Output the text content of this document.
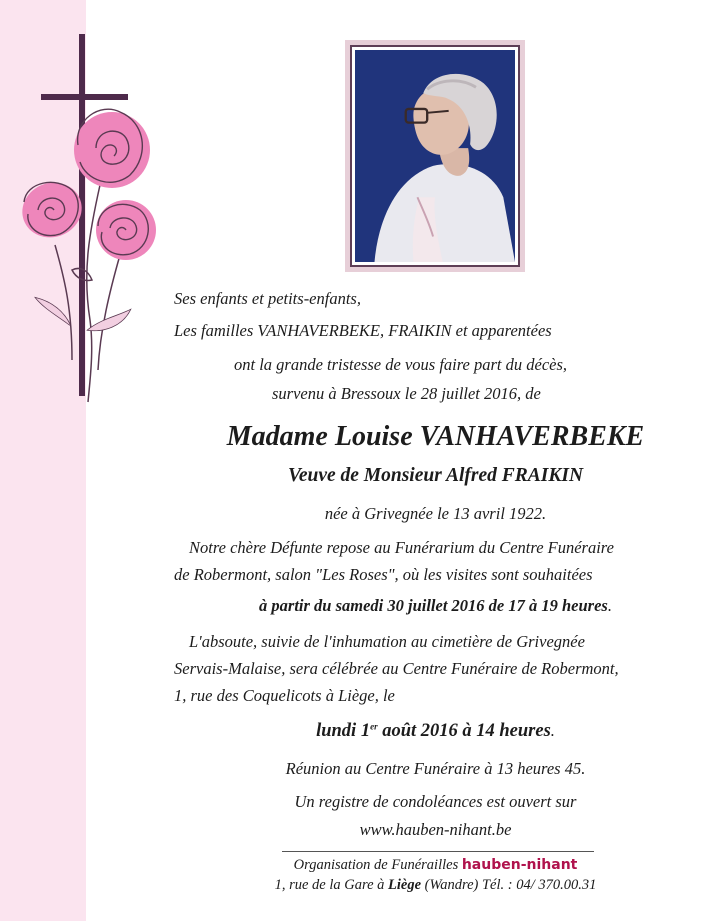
Ses enfants et petits-enfants,
Les familles VANHAVERBEKE, FRAIKIN et apparentées
ont la grande tristesse de vous faire part du décès,
survenu à Bressoux le 28 juillet 2016, de
Madame Louise VANHAVERBEKE
Veuve de Monsieur Alfred FRAIKIN
née à Grivegnée le 13 avril 1922.
Notre chère Défunte repose au Funérarium du Centre Funéraire
de Robermont, salon "Les Roses", où les visites sont souhaitées
à partir du samedi 30 juillet 2016 de 17 à 19 heures.
L'absoute, suivie de l'inhumation au cimetière de Grivegnée
Servais-Malaise, sera célébrée au Centre Funéraire de Robermont,
1, rue des Coquelicots à Liège, le
lundi 1er août 2016 à 14 heures.
Réunion au Centre Funéraire à 13 heures 45.
Un registre de condoléances est ouvert sur
www.hauben-nihant.be
Organisation de Funérailles hauben-nihant
1, rue de la Gare à Liège (Wandre) Tél. : 04/ 370.00.31
